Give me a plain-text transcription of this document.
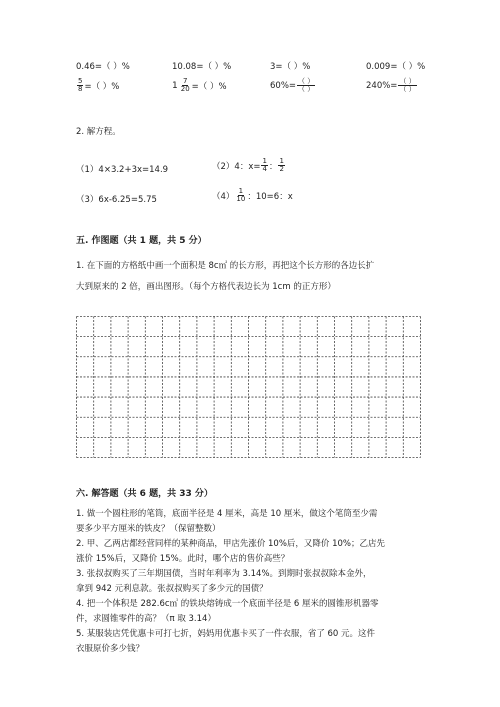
0.46=（ ）%	10.08=（ ）%	3=（ ）%	0.009=（ ）%
$\frac{5}{8}$ =（ ）%	$1 \frac{7}{20}$ =（ ）%	$60\%= \frac{( )}{( )}$	$240\%= \frac{( )}{( )}$
2. 解方程。
（1）4×3.2+3x=14.9	（2）4：$x= \frac{1}{4}$ ： $\frac{1}{2}$
（3）6x-6.25=5.75	$(4) \frac{1}{10}$ ：10=6：x
五. 作图题（共 1 题，共 5 分）
1. 在下面的方格纸中画一个面积是 8c㎡ 的长方形，再把这个长方形的各边长扩
大到原来的 2 倍，画出图形。（每个方格代表边长为 1cm 的正方形）
六. 解答题（共 6 题，共 33 分）
1. 做一个圆柱形的笔筒，底面半径是 4 厘米，高是 10 厘米，做这个笔筒至少需
要多少平方厘米的铁皮？（保留整数）
2. 甲、乙两店都经营同样的某种商品，甲店先涨价 10%后，又降价 10%；乙店先
涨价 15%后，又降价 15%。此时，哪个店的售价高些？
3. 张叔叔购买了三年期国债，当时年利率为 3.14%。到期时张叔叔除本金外，
拿到 942 元利息款。张叔叔购买了多少元的国债？
4. 把一个体积是 282.6c㎥ 的铁块熔铸成一个底面半径是 6 厘米的圆锥形机器零
件，求圆锥零件的高？（π 取 3.14）
5. 某服装店凭优惠卡可打七折，妈妈用优惠卡买了一件衣服，省了 60 元。这件
衣服原价多少钱？
